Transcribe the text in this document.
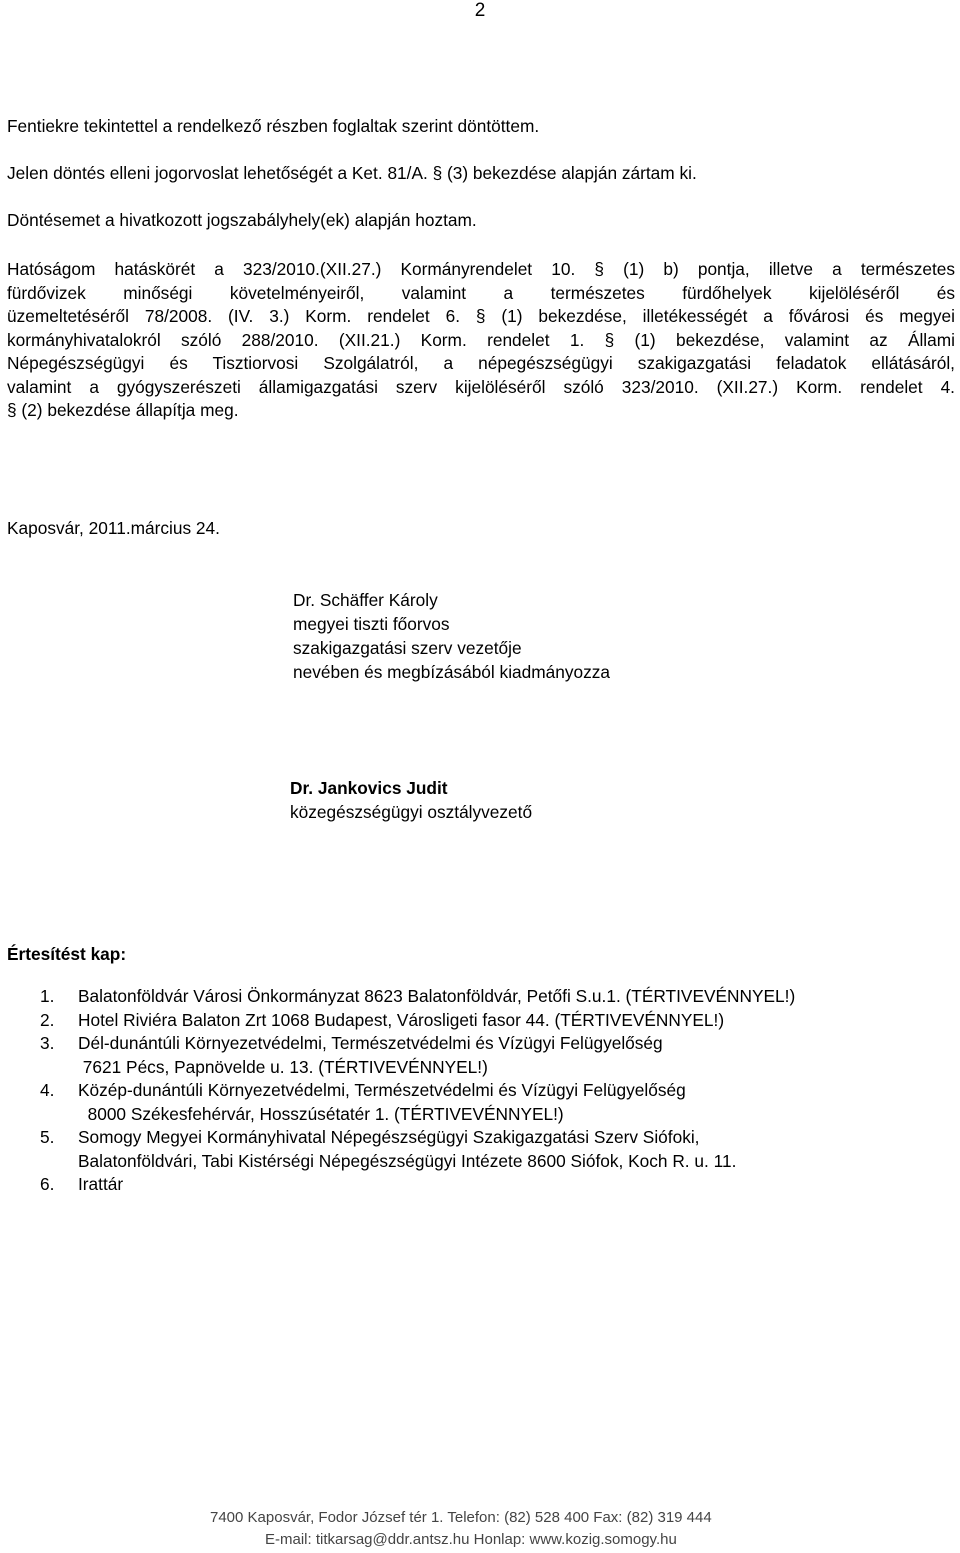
2
Fentiekre tekintettel a rendelkező részben foglaltak szerint döntöttem.
Jelen döntés elleni jogorvoslat lehetőségét a Ket. 81/A. § (3) bekezdése alapján zártam ki.
Döntésemet a hivatkozott jogszabályhely(ek) alapján hoztam.
Hatóságom hatáskörét a 323/2010.(XII.27.) Kormányrendelet 10. § (1) b) pontja, illetve a természetes
fürdővizek minőségi követelményeiről, valamint a természetes fürdőhelyek kijelöléséről és
üzemeltetéséről 78/2008. (IV. 3.) Korm. rendelet 6. § (1) bekezdése, illetékességét a fővárosi és megyei
kormányhivatalokról szóló 288/2010. (XII.21.) Korm. rendelet 1. § (1) bekezdése, valamint az Állami
Népegészségügyi és Tisztiorvosi Szolgálatról, a népegészségügyi szakigazgatási feladatok ellátásáról,
valamint a gyógyszerészeti államigazgatási szerv kijelöléséről szóló 323/2010. (XII.27.) Korm. rendelet 4.
§ (2) bekezdése állapítja meg.
Kaposvár, 2011.március 24.
Dr. Schäffer Károly
megyei tiszti főorvos
szakigazgatási szerv vezetője
nevében és megbízásából kiadmányozza
Dr. Jankovics Judit
közegészségügyi osztályvezető
Értesítést kap:
1. Balatonföldvár Városi Önkormányzat 8623 Balatonföldvár, Petőfi S.u.1. (TÉRTIVEVÉNNYEL!)
2. Hotel Riviéra Balaton Zrt 1068 Budapest, Városligeti fasor 44. (TÉRTIVEVÉNNYEL!)
3. Dél-dunántúli Környezetvédelmi, Természetvédelmi és Vízügyi Felügyelőség
7621 Pécs, Papnövelde u. 13. (TÉRTIVEVÉNNYEL!)
4. Közép-dunántúli Környezetvédelmi, Természetvédelmi és Vízügyi Felügyelőség
8000 Székesfehérvár, Hosszúsétatér 1. (TÉRTIVEVÉNNYEL!)
5. Somogy Megyei Kormányhivatal Népegészségügyi Szakigazgatási Szerv Siófoki,
Balatonföldvári, Tabi Kistérségi Népegészségügyi Intézete 8600 Siófok, Koch R. u. 11.
6. Irattár
7400 Kaposvár, Fodor József tér 1. Telefon: (82) 528 400 Fax: (82) 319 444
E-mail: titkarsag@ddr.antsz.hu Honlap: www.kozig.somogy.hu
